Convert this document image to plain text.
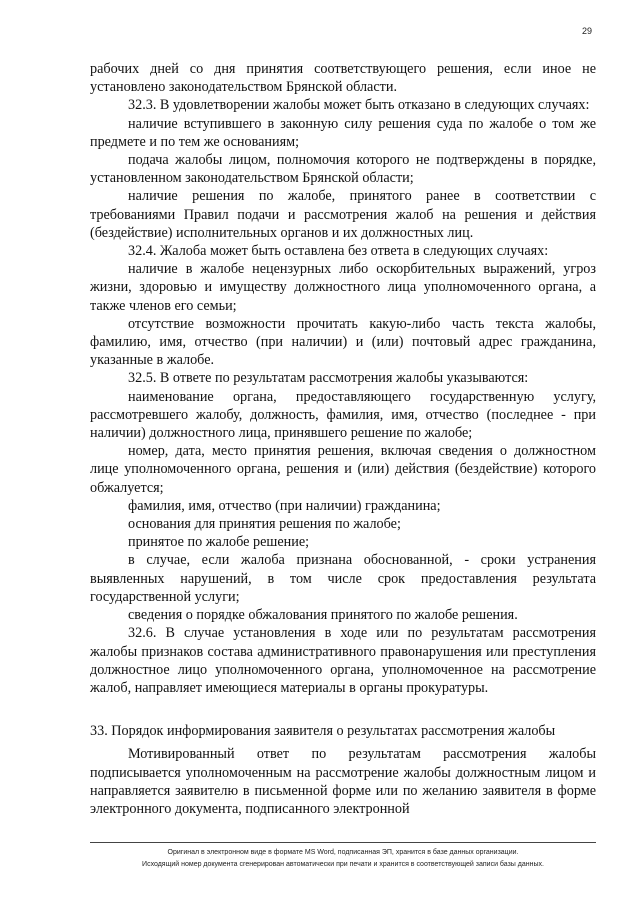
29

рабочих дней со дня принятия соответствующего решения, если иное не установлено законодательством Брянской области.

32.3. В удовлетворении жалобы может быть отказано в следующих случаях:

наличие вступившего в законную силу решения суда по жалобе о том же предмете и по тем же основаниям;

подача жалобы лицом, полномочия которого не подтверждены в порядке, установленном законодательством Брянской области;

наличие решения по жалобе, принятого ранее в соответствии с требованиями Правил подачи и рассмотрения жалоб на решения и действия (бездействие) исполнительных органов и их должностных лиц.

32.4. Жалоба может быть оставлена без ответа в следующих случаях:

наличие в жалобе нецензурных либо оскорбительных выражений, угроз жизни, здоровью и имуществу должностного лица уполномоченного органа, а также членов его семьи;

отсутствие возможности прочитать какую-либо часть текста жалобы, фамилию, имя, отчество (при наличии) и (или) почтовый адрес гражданина, указанные в жалобе.

32.5. В ответе по результатам рассмотрения жалобы указываются:

наименование органа, предоставляющего государственную услугу, рассмотревшего жалобу, должность, фамилия, имя, отчество (последнее - при наличии) должностного лица, принявшего решение по жалобе;

номер, дата, место принятия решения, включая сведения о должностном лице уполномоченного органа, решения и (или) действия (бездействие) которого обжалуется;

фамилия, имя, отчество (при наличии) гражданина;

основания для принятия решения по жалобе;

принятое по жалобе решение;

в случае, если жалоба признана обоснованной, - сроки устранения выявленных нарушений, в том числе срок предоставления результата государственной услуги;

сведения о порядке обжалования принятого по жалобе решения.

32.6. В случае установления в ходе или по результатам рассмотрения жалобы признаков состава административного правонарушения или преступления должностное лицо уполномоченного органа, уполномоченное на рассмотрение жалоб, направляет имеющиеся материалы в органы прокуратуры.

33. Порядок информирования заявителя о результатах рассмотрения жалобы

Мотивированный ответ по результатам рассмотрения жалобы подписывается уполномоченным на рассмотрение жалобы должностным лицом и направляется заявителю в письменной форме или по желанию заявителя в форме электронного документа, подписанного электронной

Оригинал в электронном виде в формате MS Word, подписанная ЭП, хранится в базе данных организации.
Исходящий номер документа сгенерирован автоматически при печати и хранится в соответствующей записи базы данных.
